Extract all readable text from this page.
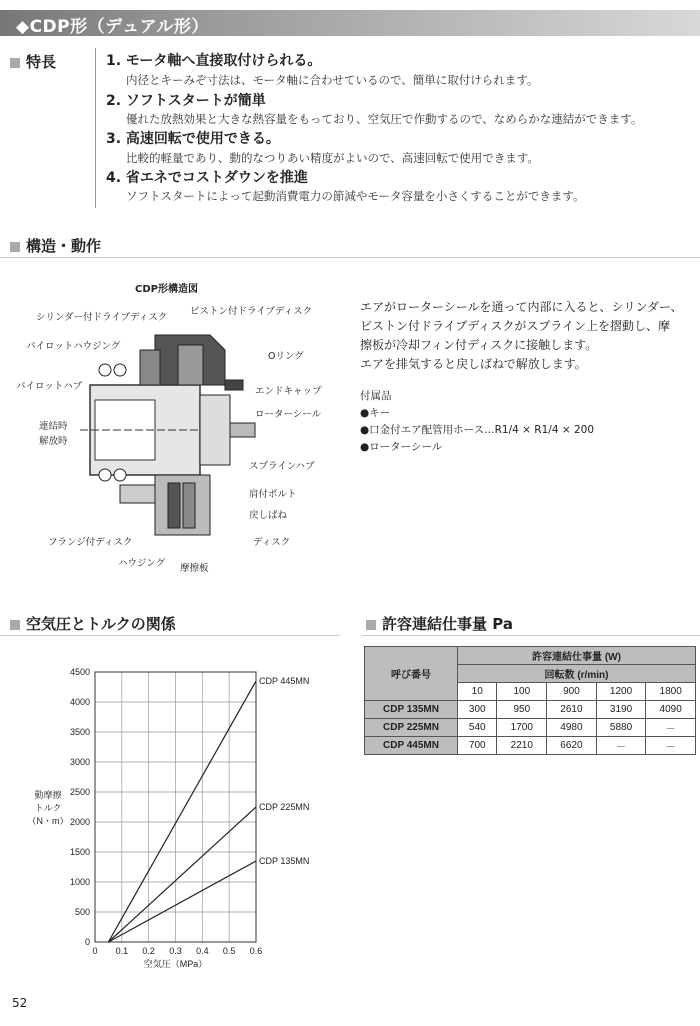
◆CDP形（デュアル形）
特長	1. モータ軸へ直接取付けられる。
内径とキーみぞ寸法は、モータ軸に合わせているので、簡単に取付けられます。
2. ソフトスタートが簡単
優れた放熱効果と大きな熱容量をもっており、空気圧で作動するので、なめらかな連結ができます。
3. 高速回転で使用できる。
比較的軽量であり、動的なつりあい精度がよいので、高速回転で使用できます。
4. 省エネでコストダウンを推進
ソフトスタートによって起動消費電力の節減やモータ容量を小さくすることができます。
構造・動作
CDP形構造図
シリンダー付ドライブディスク
ピストン付ドライブディスク
パイロットハウジング
Oリング
パイロットハブ	エンドキャップ
連結時
解放時
ローターシール
スプラインハブ
肩付ボルト
戻しばね
フランジ付ディスク	ディスク
ハウジング 摩擦板
エアがローターシールを通って内部に入ると、シリンダー、
ピストン付ドライブディスクがスプライン上を摺動し、摩
擦板が冷却フィン付ディスクに接触します。
エアを排気すると戻しばねで解放します。
付属品
●キー
●口金付エア配管用ホース…R1/4 × R1/4 × 200
●ローターシール
空気圧とトルクの関係
0
500
1000
1500
2000
2500
3000
3500
4000
4500
0 0.1 0.2 0.3 0.4 0.5 0.6
CDP 445MN
CDP 225MN
CDP 135MN
空気圧（MPa）
動摩擦
トルク
（N・m）
許容連結仕事量 Pa
呼び番号	許容連結仕事量 (W)				
	回転数 (r/min)				
	10	100	900	1200	1800
CDP 135MN	300	950	2610	3190	4090
CDP 225MN	540	1700	4980	5880	－
CDP 445MN	700	2210	6620	－	－
52
